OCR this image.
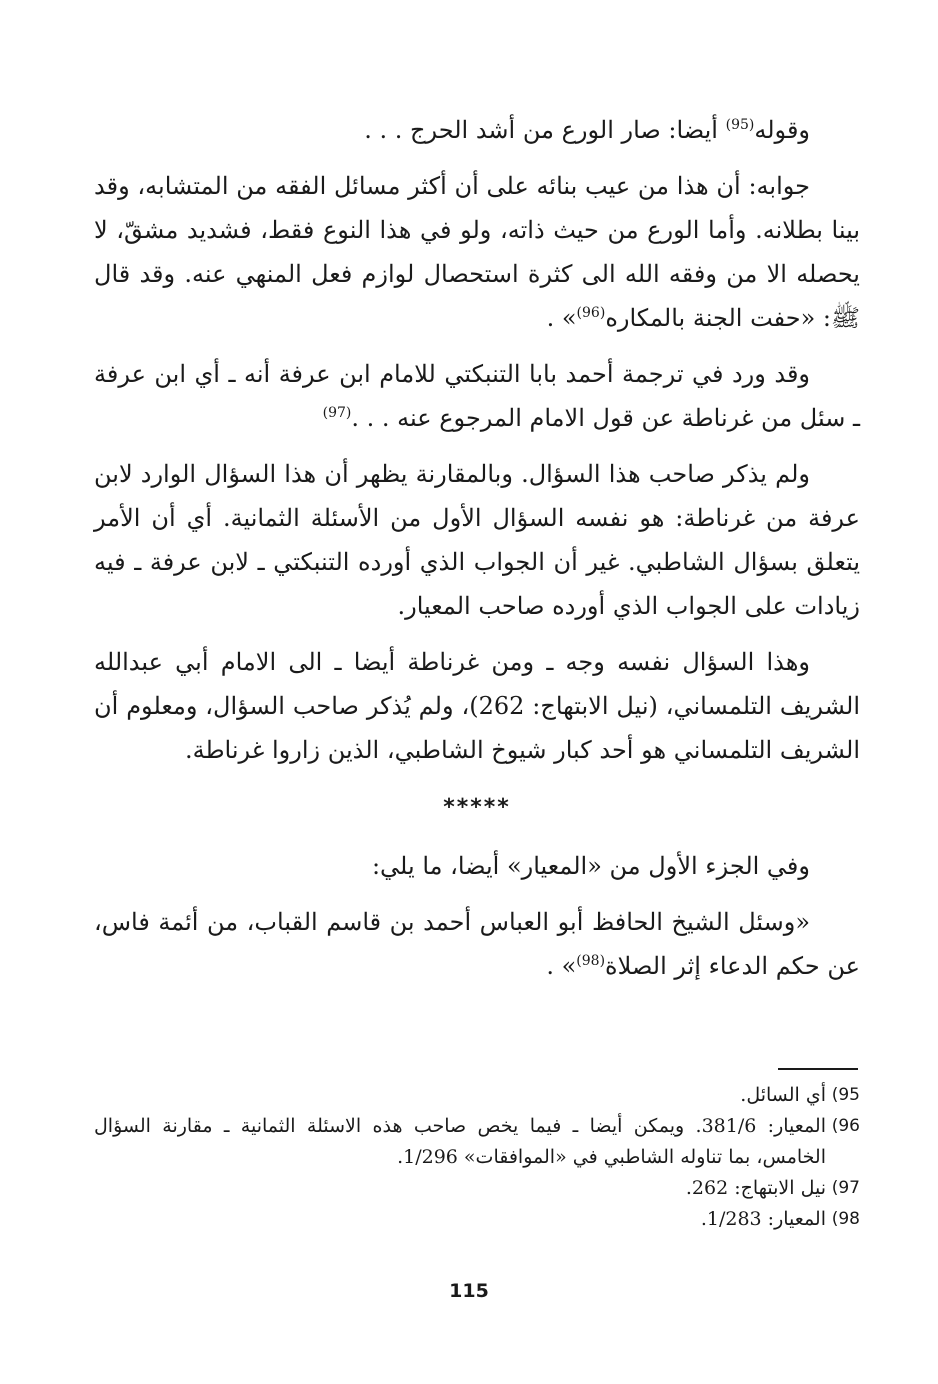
وقوله$^{(95)}$ أيضا: صار الورع من أشد الحرج . . .

جوابه: أن هذا من عيب بنائه على أن أكثر مسائل الفقه من المتشابه، وقد بينا بطلانه. وأما الورع من حيث ذاته، ولو في هذا النوع فقط، فشديد مشقّ، لا يحصله الا من وفقه الله الى كثرة استحصال لوازم فعل المنهي عنه. وقد قال ﷺ: «حفت الجنة بالمكاره$^{(96)}$» .

وقد ورد في ترجمة أحمد بابا التنبكتي للامام ابن عرفة أنه ـ أي ابن عرفة ـ سئل من غرناطة عن قول الامام المرجوع عنه . . .$^{(97)}$

ولم يذكر صاحب هذا السؤال. وبالمقارنة يظهر أن هذا السؤال الوارد لابن عرفة من غرناطة: هو نفسه السؤال الأول من الأسئلة الثمانية. أي أن الأمر يتعلق بسؤال الشاطبي. غير أن الجواب الذي أورده التنبكتي ـ لابن عرفة ـ فيه زيادات على الجواب الذي أورده صاحب المعيار.

وهذا السؤال نفسه وجه ـ ومن غرناطة أيضا ـ الى الامام أبي عبدالله الشريف التلمساني، (نيل الابتهاج: 262)، ولم يُذكر صاحب السؤال، ومعلوم أن الشريف التلمساني هو أحد كبار شيوخ الشاطبي، الذين زاروا غرناطة.

*****

وفي الجزء الأول من «المعيار» أيضا، ما يلي:

«وسئل الشيخ الحافظ أبو العباس أحمد بن قاسم القباب، من أئمة فاس، عن حكم الدعاء إثر الصلاة$^{(98)}$» .

95)
أي السائل.
96)
المعيار: 381/6. ويمكن أيضا ـ فيما يخص صاحب هذه الاسئلة الثمانية ـ مقارنة السؤال الخامس، بما تناوله الشاطبي في «الموافقات» 1/296.
97)
نيل الابتهاج: 262.
98)
المعيار: 1/283.
115
